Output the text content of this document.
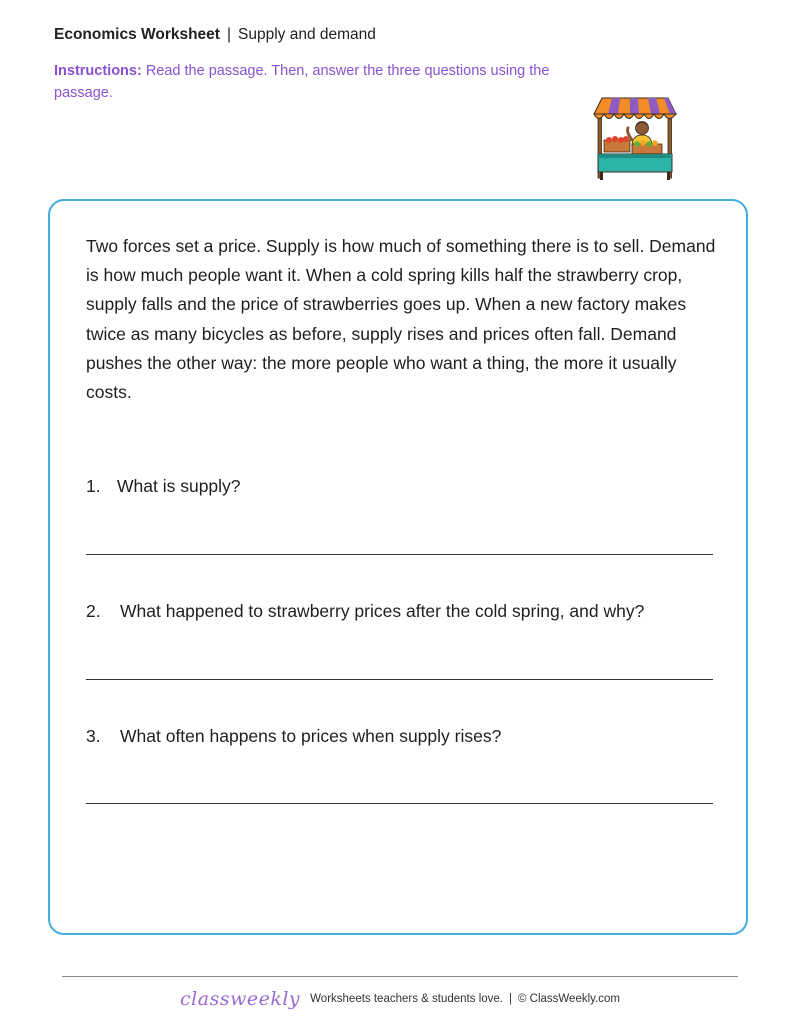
Economics Worksheet | Supply and demand
Instructions: Read the passage. Then, answer the three questions using the passage.
Two forces set a price. Supply is how much of something there is to sell. Demand is how much people want it. When a cold spring kills half the strawberry crop, supply falls and the price of strawberries goes up. When a new factory makes twice as many bicycles as before, supply rises and prices often fall. Demand pushes the other way: the more people who want a thing, the more it usually costs.
1. What is supply?
2. What happened to strawberry prices after the cold spring, and why?
3. What often happens to prices when supply rises?
classweekly Worksheets teachers & students love. | © ClassWeekly.com
